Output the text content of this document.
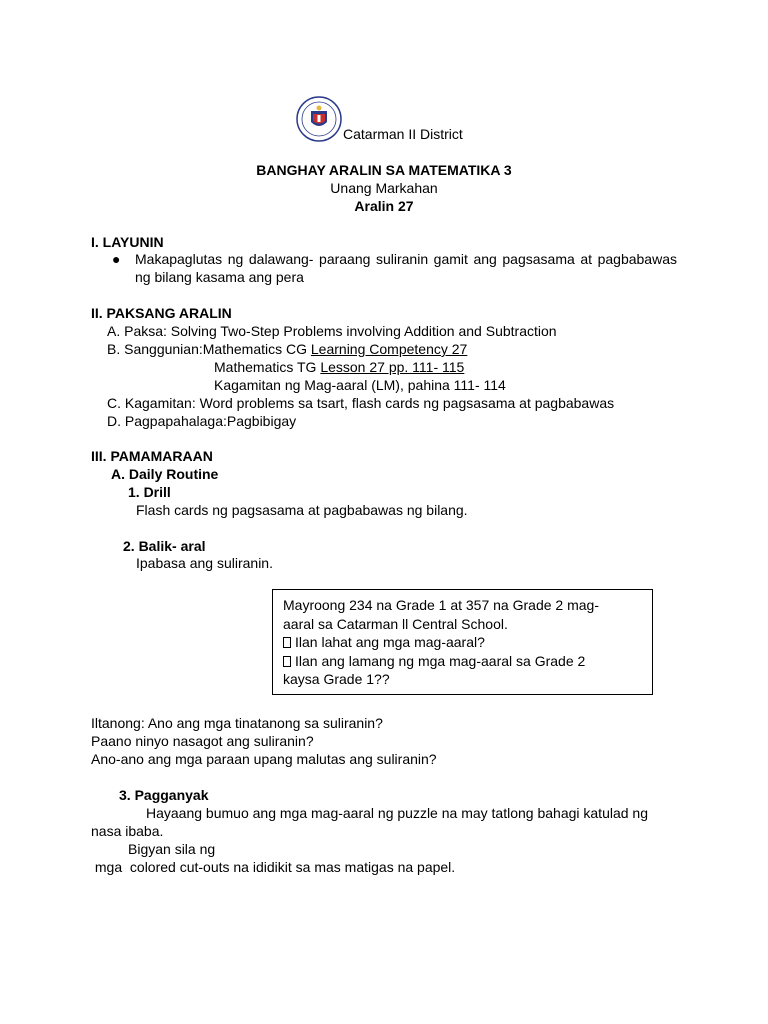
Catarman II District
BANGHAY ARALIN SA MATEMATIKA 3
Unang Markahan
Aralin 27
I. LAYUNIN
● Makapaglutas ng dalawang- paraang suliranin gamit ang pagsasama at pagbabawas ng bilang kasama ang pera
II. PAKSANG ARALIN
A. Paksa: Solving Two-Step Problems involving Addition and Subtraction
B. Sanggunian:Mathematics CG Learning Competency 27
Mathematics TG Lesson 27 pp. 111- 115
Kagamitan ng Mag-aaral (LM), pahina 111- 114
C. Kagamitan: Word problems sa tsart, flash cards ng pagsasama at pagbabawas
D. Pagpapahalaga:Pagbibigay
III. PAMAMARAAN
A. Daily Routine
1. Drill
Flash cards ng pagsasama at pagbabawas ng bilang.
2. Balik- aral
Ipabasa ang suliranin.
Mayroong 234 na Grade 1 at 357 na Grade 2 mag-
aaral sa Catarman ll Central School.
Ilan lahat ang mga mag-aaral?
Ilan ang lamang ng mga mag-aaral sa Grade 2
kaysa Grade 1??
Iltanong: Ano ang mga tinatanong sa suliranin?
Paano ninyo nasagot ang suliranin?
Ano-ano ang mga paraan upang malutas ang suliranin?
3. Pagganyak
Hayaang bumuo ang mga mag-aaral ng puzzle na may tatlong bahagi katulad ng nasa ibaba.
Bigyan sila ng
mga  colored cut-outs na ididikit sa mas matigas na papel.
